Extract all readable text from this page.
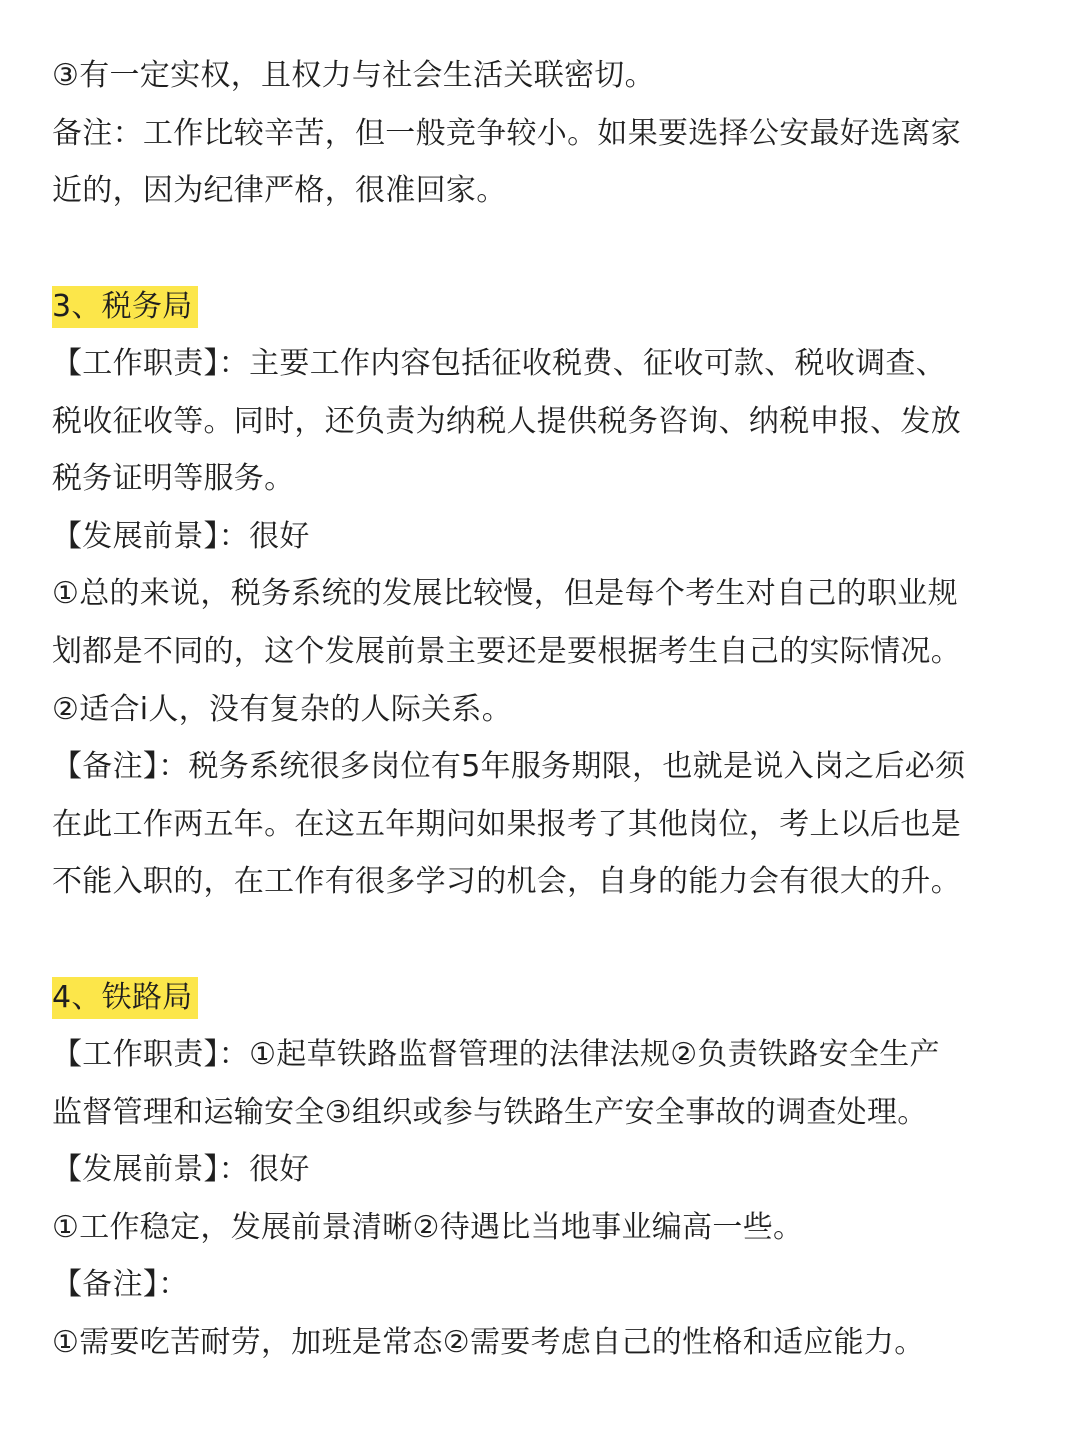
③有一定实权，且权力与社会生活关联密切。
备注：工作比较辛苦，但一般竞争较小。如果要选择公安最好选离家
近的，因为纪律严格，很准回家。
3、税务局
【工作职责】：主要工作内容包括征收税费、征收可款、税收调查、
税收征收等。同时，还负责为纳税人提供税务咨询、纳税申报、发放
税务证明等服务。
【发展前景】：很好
①总的来说，税务系统的发展比较慢，但是每个考生对自己的职业规
划都是不同的，这个发展前景主要还是要根据考生自己的实际情况。
②适合i人，没有复杂的人际关系。
【备注】：税务系统很多岗位有5年服务期限，也就是说入岗之后必须
在此工作两五年。在这五年期问如果报考了其他岗位，考上以后也是
不能入职的，在工作有很多学习的机会，自身的能力会有很大的升。
4、铁路局
【工作职责】：①起草铁路监督管理的法律法规②负责铁路安全生产
监督管理和运输安全③组织或参与铁路生产安全事故的调查处理。
【发展前景】：很好
①工作稳定，发展前景清晰②待遇比当地事业编高一些。
【备注】：
①需要吃苦耐劳，加班是常态②需要考虑自己的性格和适应能力。
